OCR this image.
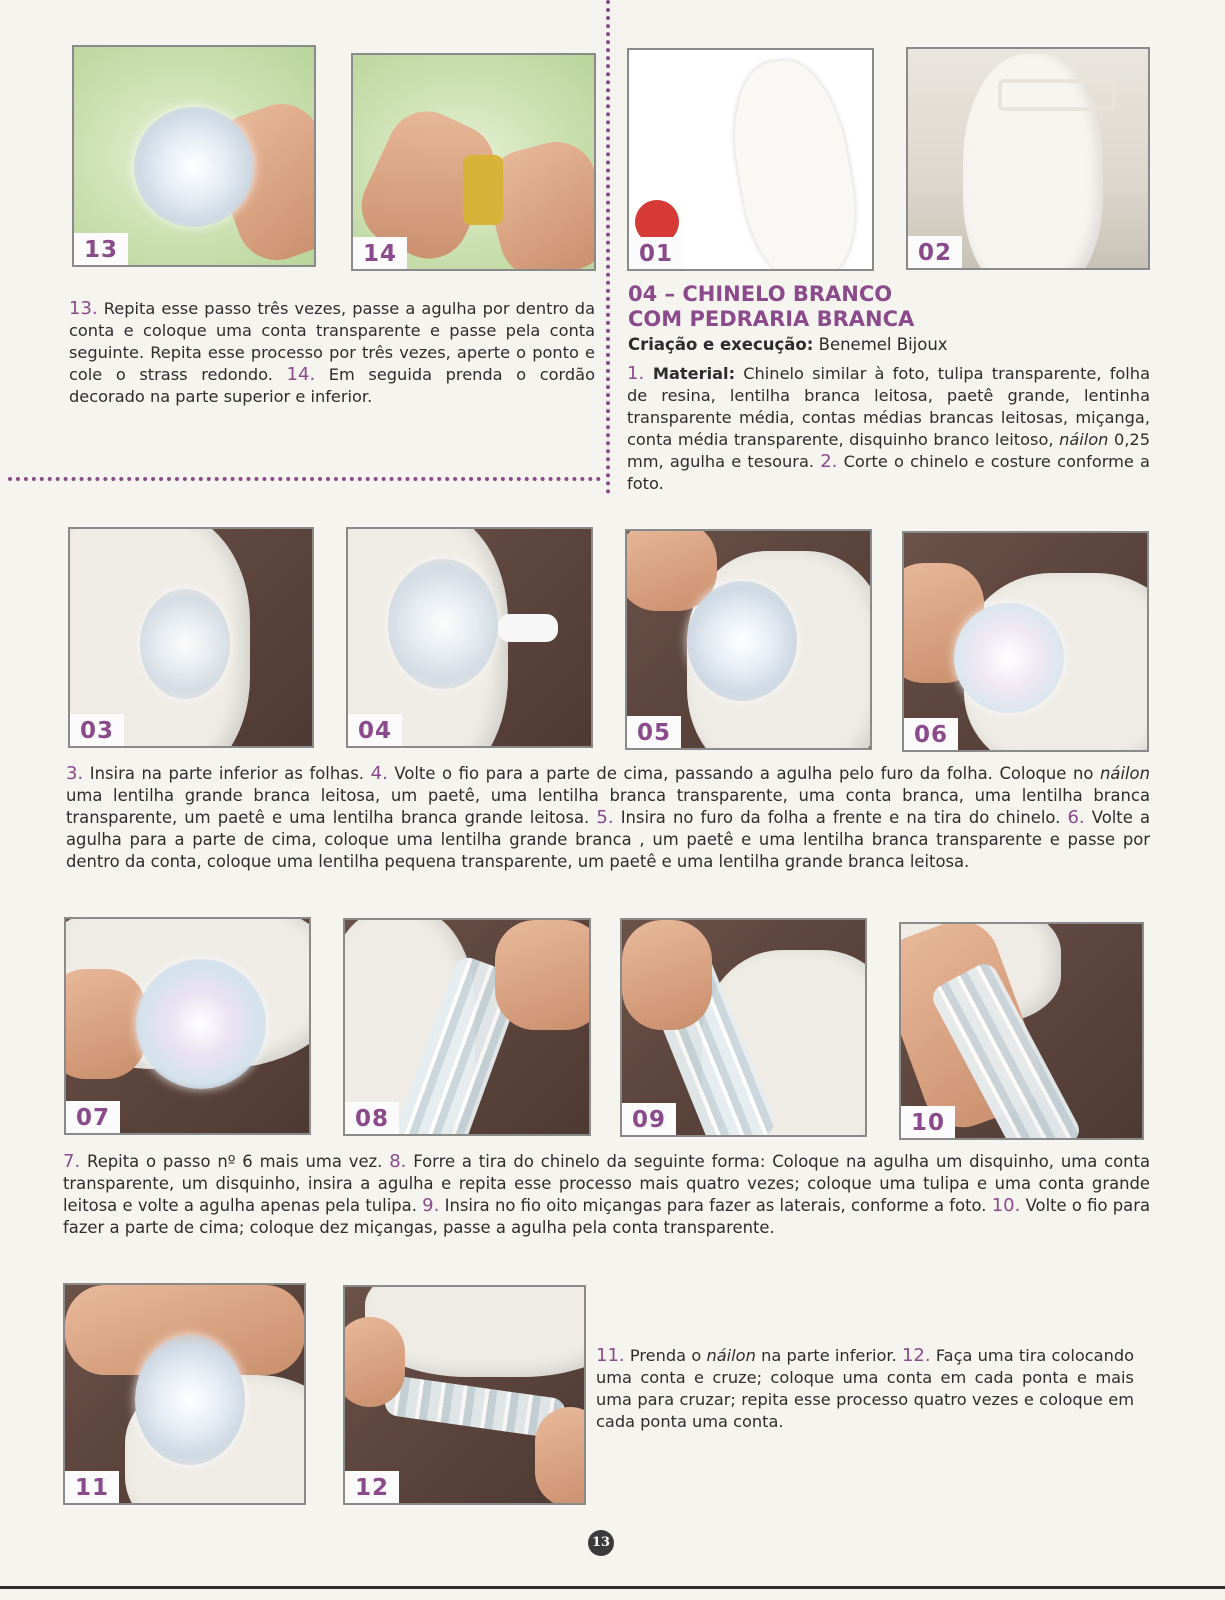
13	14	01	02
13. Repita esse passo três vezes, passe a agulha por dentro da conta e coloque uma conta transparente e passe pela conta seguinte. Repita esse processo por três vezes, aperte o ponto e cole o strass redondo. 14. Em seguida prenda o cordão decorado na parte superior e inferior.
04 – CHINELO BRANCO
COM PEDRARIA BRANCA
Criação e execução: Benemel Bijoux
1. Material: Chinelo similar à foto, tulipa transparente, folha de resina, lentilha branca leitosa, paetê grande, lentinha transparente média, contas médias brancas leitosas, miçanga, conta média transparente, disquinho branco leitoso, náilon 0,25 mm, agulha e tesoura. 2. Corte o chinelo e costure conforme a foto.
03	04	05	06
3. Insira na parte inferior as folhas. 4. Volte o fio para a parte de cima, passando a agulha pelo furo da folha. Coloque no náilon uma lentilha grande branca leitosa, um paetê, uma lentilha branca transparente, uma conta branca, uma lentilha branca transparente, um paetê e uma lentilha branca grande leitosa. 5. Insira no furo da folha a frente e na tira do chinelo. 6. Volte a agulha para a parte de cima, coloque uma lentilha grande branca , um paetê e uma lentilha branca transparente e passe por dentro da conta, coloque uma lentilha pequena transparente, um paetê e uma lentilha grande branca leitosa.
07	08	09	10
7. Repita o passo nº 6 mais uma vez. 8. Forre a tira do chinelo da seguinte forma: Coloque na agulha um disquinho, uma conta transparente, um disquinho, insira a agulha e repita esse processo mais quatro vezes; coloque uma tulipa e uma conta grande leitosa e volte a agulha apenas pela tulipa. 9. Insira no fio oito miçangas para fazer as laterais, conforme a foto. 10. Volte o fio para fazer a parte de cima; coloque dez miçangas, passe a agulha pela conta transparente.
11	12
11. Prenda o náilon na parte inferior. 12. Faça uma tira colocando uma conta e cruze; coloque uma conta em cada ponta e mais uma para cruzar; repita esse processo quatro vezes e coloque em cada ponta uma conta.
13
